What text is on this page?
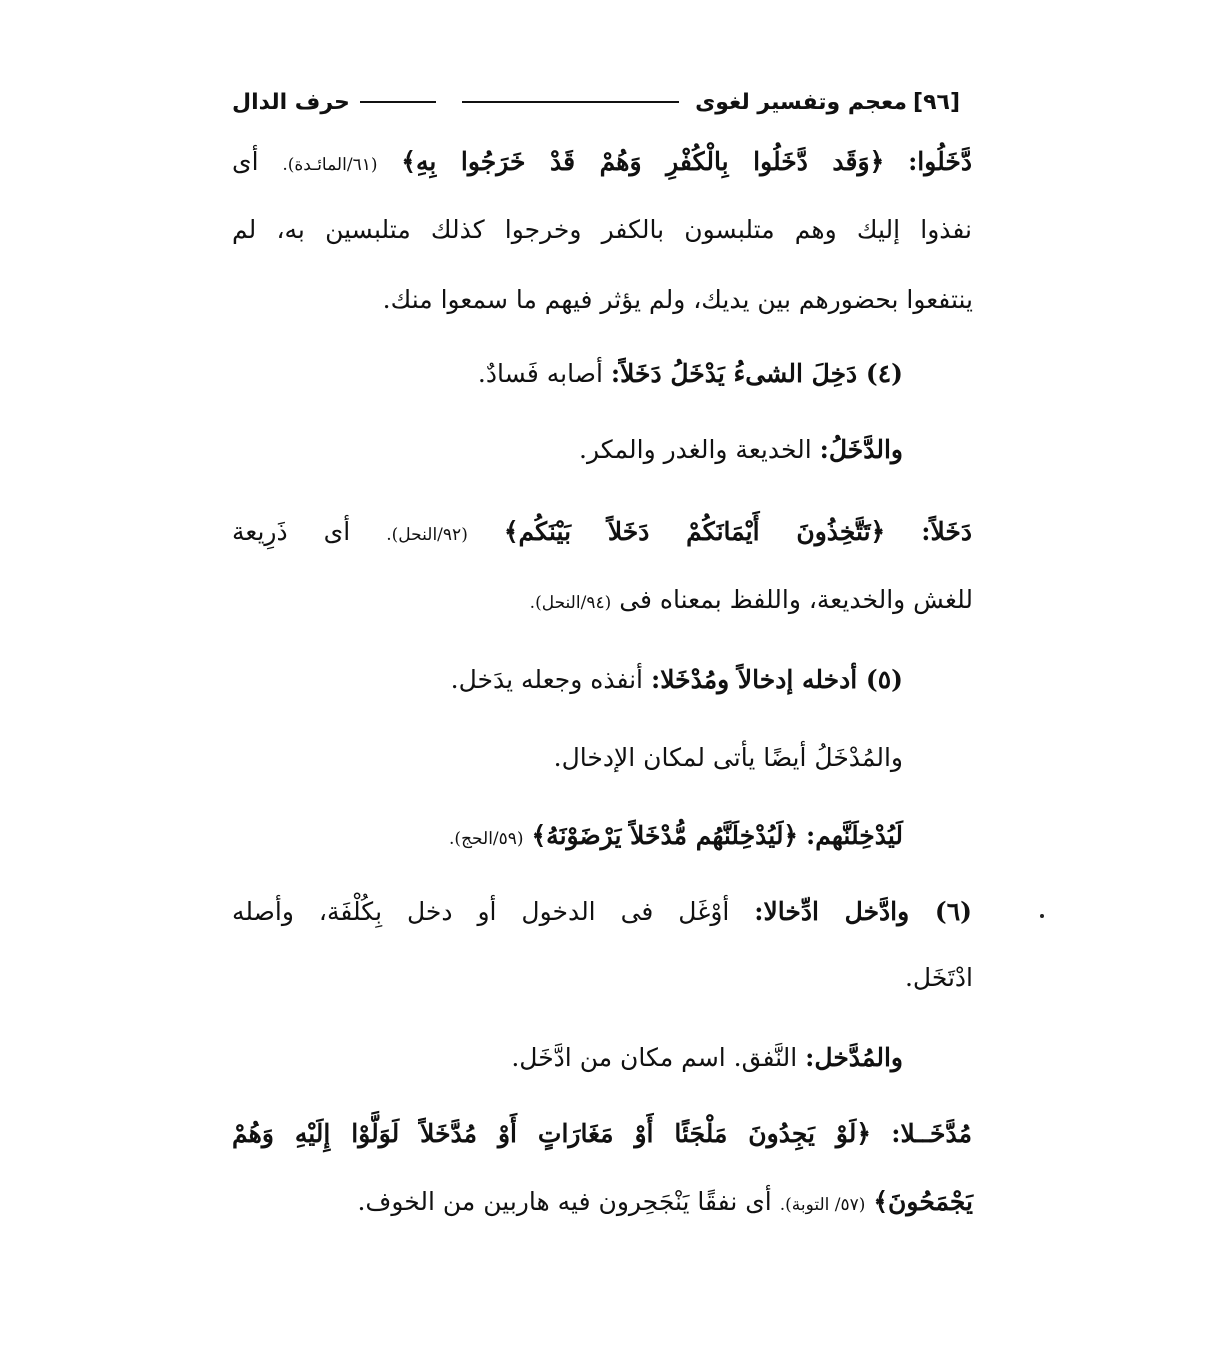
[٩٦]
معجم وتفسير لغوى
حرف الدال
دَّخَلُوا: ﴿وَقَد دَّخَلُوا بِالْكُفْرِ وَهُمْ قَدْ خَرَجُوا بِهِ﴾ (٦١/المائـدة). أى
نفذوا إليك وهم متلبسون بالكفر وخرجوا كذلك متلبسين به، لم
ينتفعوا بحضورهم بين يديك، ولم يؤثر فيهم ما سمعوا منك.
(٤) دَخِلَ الشىءُ يَدْخَلُ دَخَلاً: أصابه فَسادٌ.
والدَّخَلُ: الخديعة والغدر والمكر.
دَخَلاً: ﴿تَتَّخِذُونَ أَيْمَانَكُمْ دَخَلاً بَيْنَكُم﴾ (٩٢/النحل). أى ذَرِيعة
للغش والخديعة، واللفظ بمعناه فى (٩٤/النحل).
(٥) أدخله إدخالاً ومُدْخَلا: أنفذه وجعله يدَخل.
والمُدْخَلُ أيضًا يأتى لمكان الإدخال.
لَيُدْخِلَنَّهم: ﴿لَيُدْخِلَنَّهُم مُّدْخَلاً يَرْضَوْنَهُ﴾ (٥٩/الحج).
(٦) وادَّخل ادِّخالا: أوْغَل فى الدخول أو دخل بِكُلْفَة، وأصله
ادْتَخَل.
والمُدَّخل: النَّفق. اسم مكان من ادَّخَل.
مُدَّخَــلا: ﴿لَوْ يَجِدُونَ مَلْجَئًا أَوْ مَغَارَاتٍ أَوْ مُدَّخَلاً لَوَلَّوْا إِلَيْهِ وَهُمْ
يَجْمَحُونَ﴾ (٥٧/ التوبة). أى نفقًا يَنْجَحِرون فيه هاربين من الخوف.
